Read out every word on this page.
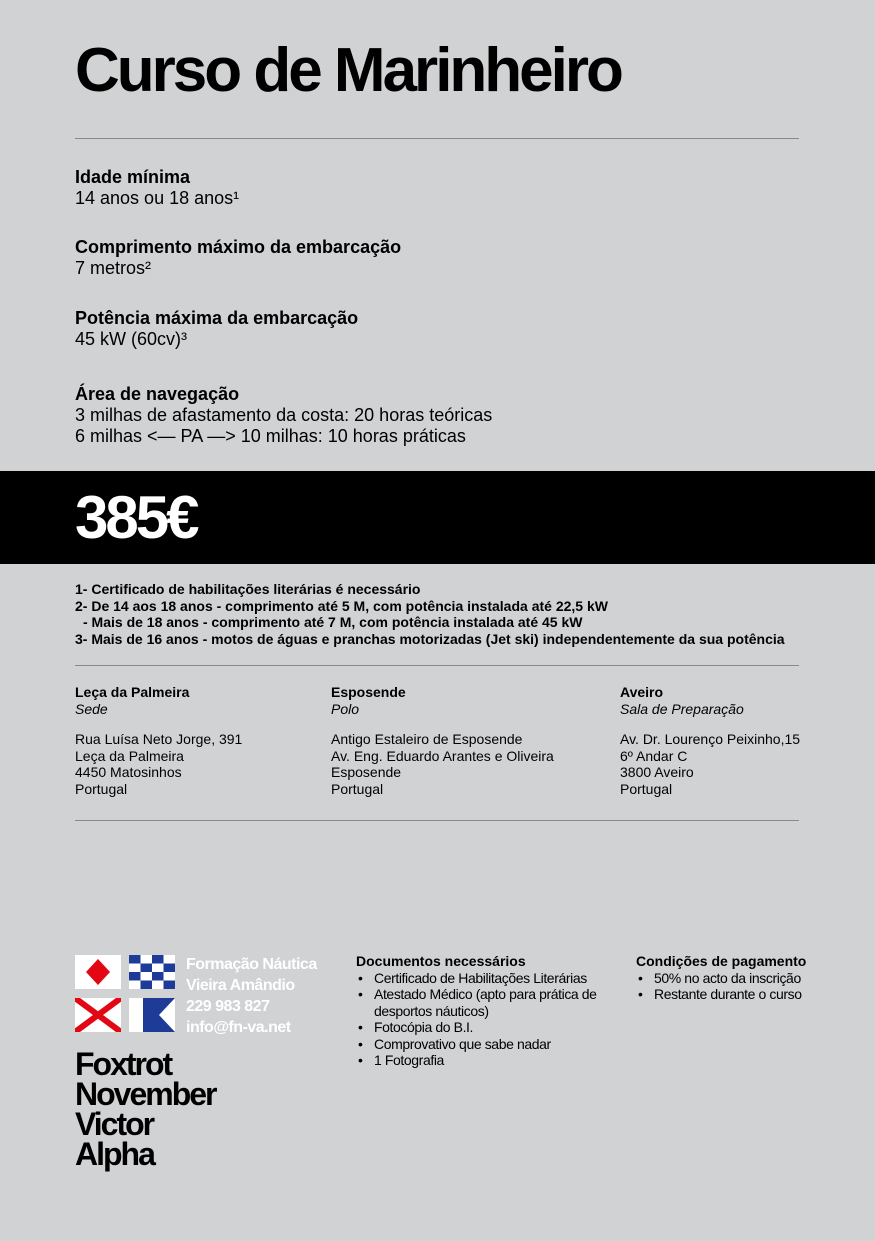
Curso de Marinheiro
Idade mínima
14 anos ou 18 anos¹
Comprimento máximo da embarcação
7 metros²
Potência máxima da embarcação
45 kW (60cv)³
Área de navegação
3 milhas de afastamento da costa: 20 horas teóricas
6 milhas <— PA —> 10 milhas: 10 horas práticas
385€
1- Certificado de habilitações literárias é necessário
2- De 14 aos 18 anos - comprimento até 5 M, com potência instalada até 22,5 kW
- Mais de 18 anos - comprimento até 7 M, com potência instalada até 45 kW
3- Mais de 16 anos - motos de águas e pranchas motorizadas (Jet ski) independentemente da sua potência
Leça da Palmeira
Sede
Rua Luísa Neto Jorge, 391
Leça da Palmeira
4450 Matosinhos
Portugal
Esposende
Polo
Antigo Estaleiro de Esposende
Av. Eng. Eduardo Arantes e Oliveira
Esposende
Portugal
Aveiro
Sala de Preparação
Av. Dr. Lourenço Peixinho,15
6º Andar C
3800 Aveiro
Portugal
Formação Náutica
Vieira Amândio
229 983 827
info@fn-va.net
Foxtrot
November
Victor
Alpha
Documentos necessários
• Certificado de Habilitações Literárias
• Atestado Médico (apto para prática de
desportos náuticos)
• Fotocópia do B.I.
• Comprovativo que sabe nadar
• 1 Fotografia
Condições de pagamento
• 50% no acto da inscrição
• Restante durante o curso
